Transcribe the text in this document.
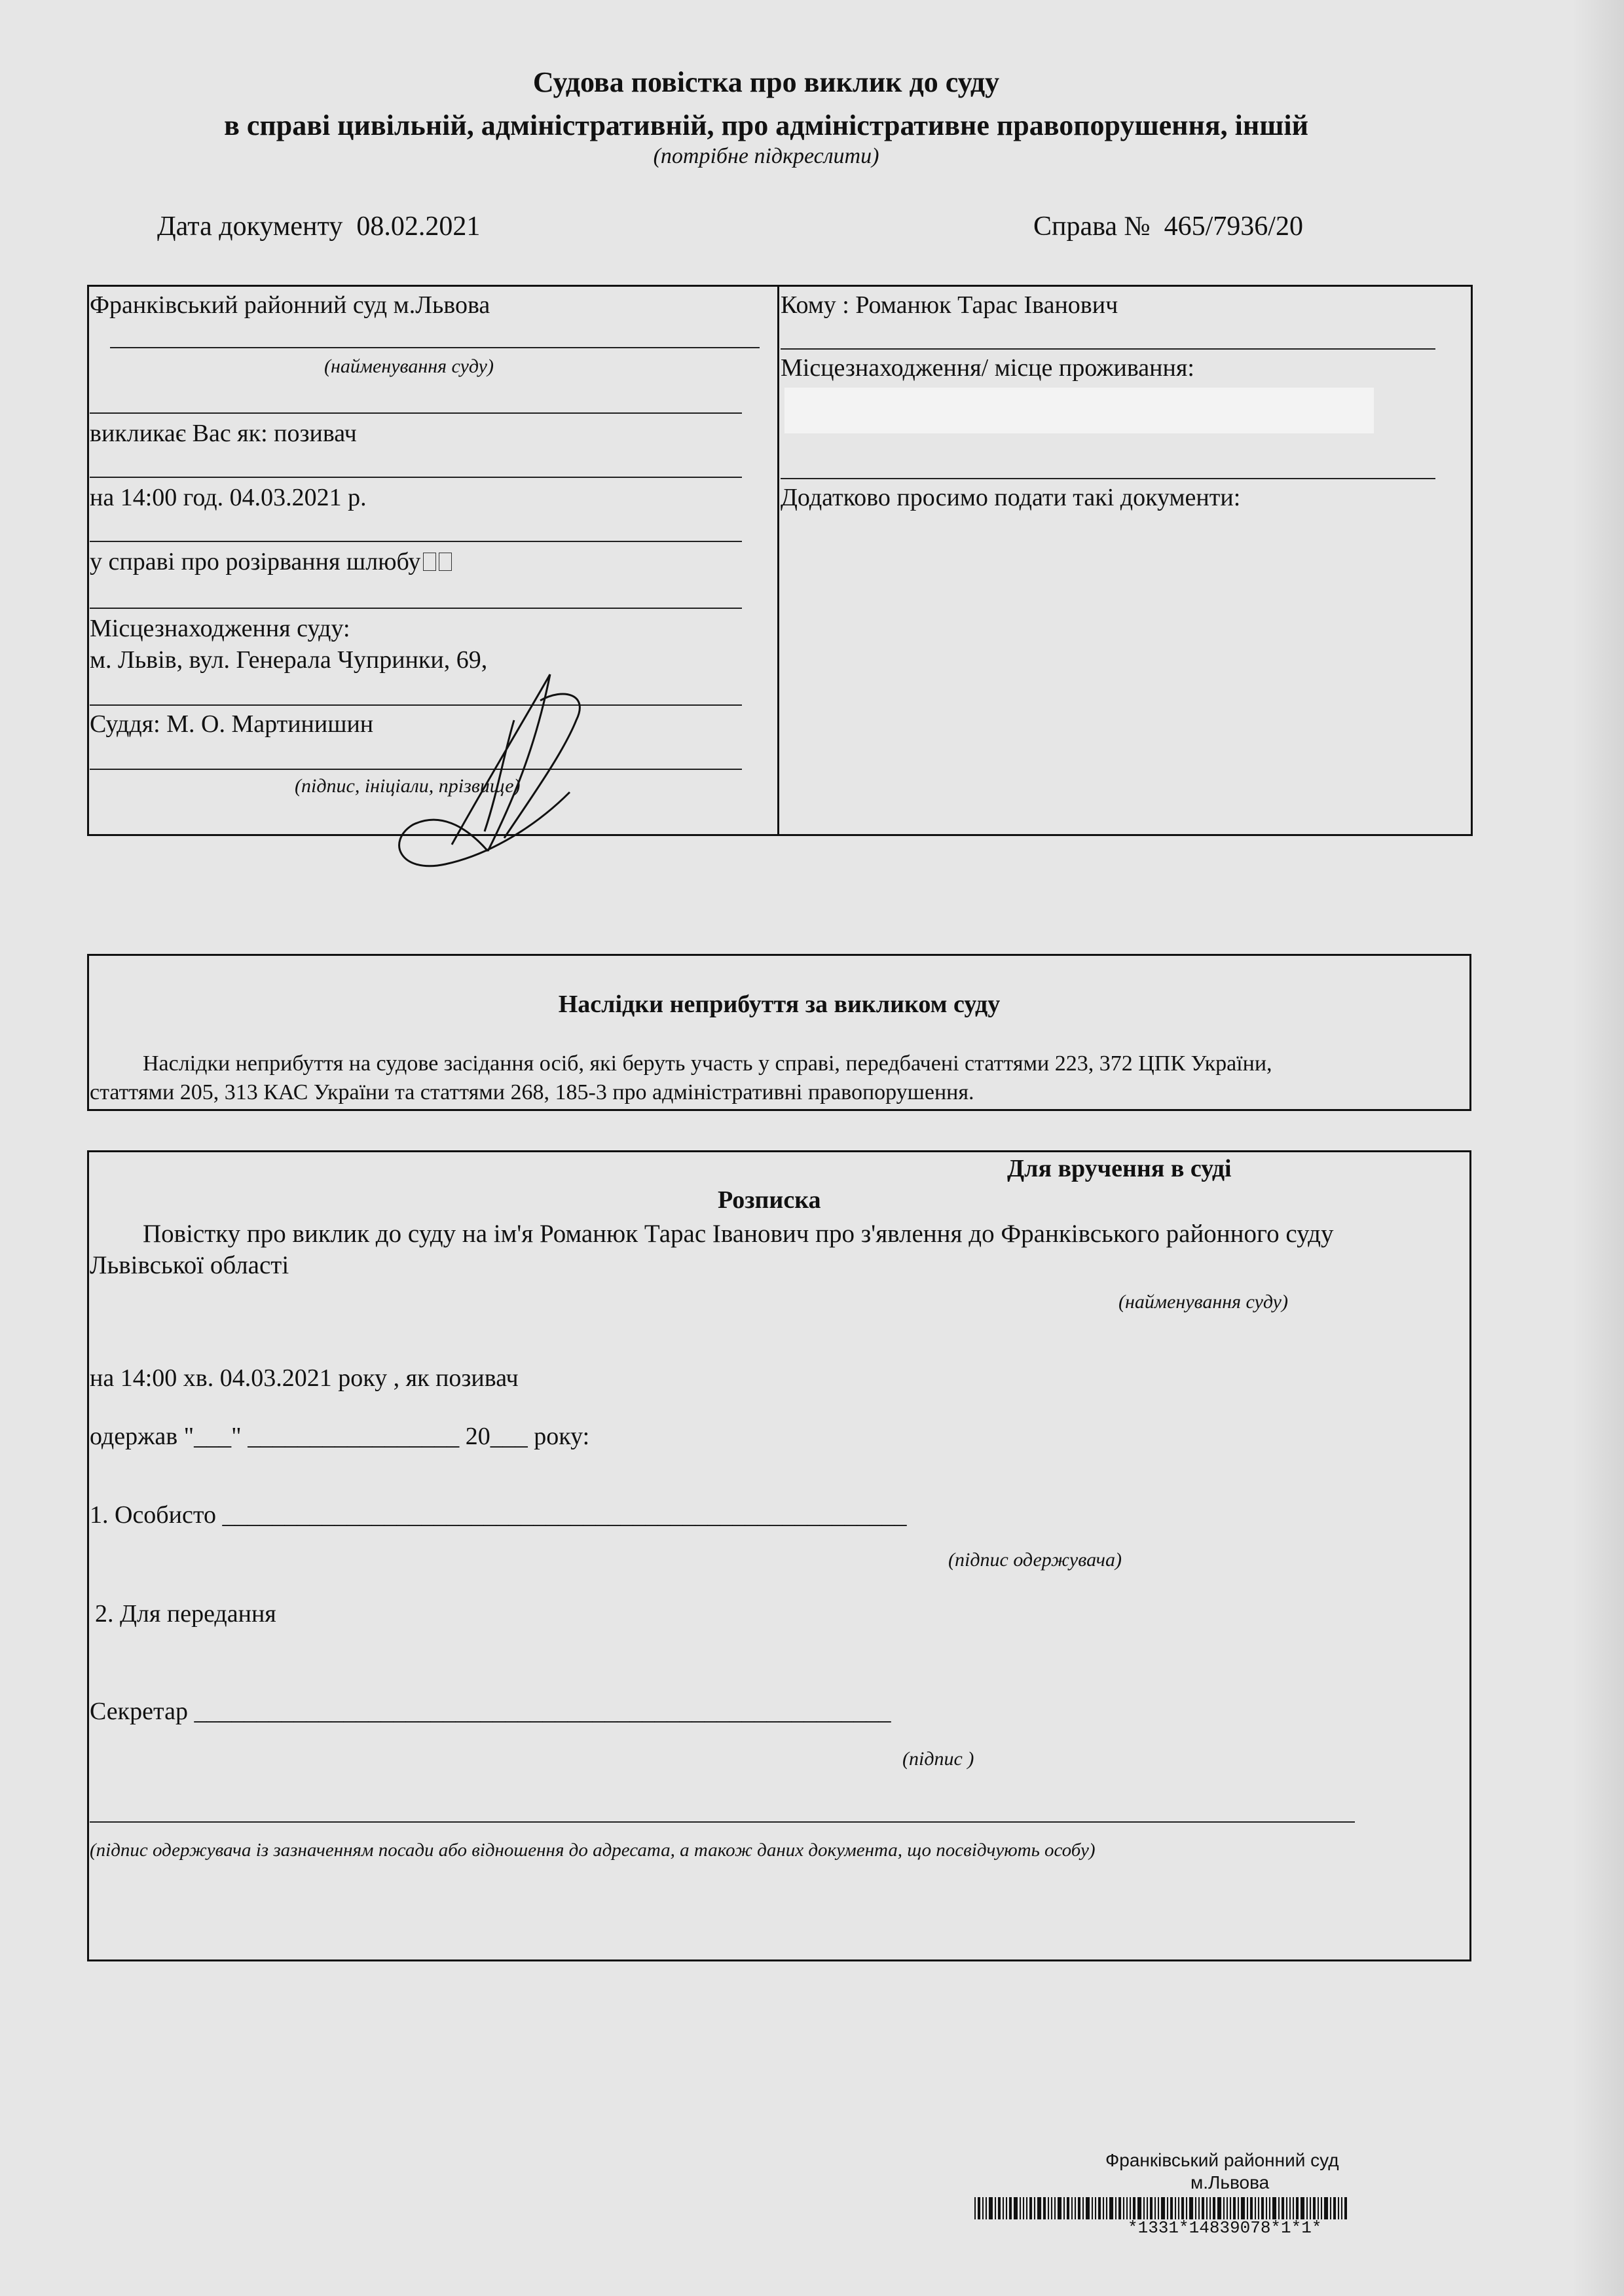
Судова повістка про виклик до суду
в справі цивільній, адміністративній, про адміністративне правопорушення, іншій
(потрібне підкреслити)
Дата документу 08.02.2021	Справа № 465/7936/20
Франківський районний суд м.Львова
(найменування суду)
викликає Вас як: позивач
на 14:00 год. 04.03.2021 р.
у справі про розірвання шлюбу
Місцезнаходження суду:
м. Львів, вул. Генерала Чупринки, 69,
Суддя: М. О. Мартинишин
(підпис, ініціали, прізвище)
Кому : Романюк Тарас Іванович
Місцезнаходження/ місце проживання:
Додатково просимо подати такі документи:
Наслідки неприбуття за викликом суду
Наслідки неприбуття на судове засідання осіб, які беруть участь у справі, передбачені статтями 223, 372 ЦПК України,
статтями 205, 313 КАС України та статтями 268, 185-3 про адміністративні правопорушення.
Для вручення в суді
Розписка
Повістку про виклик до суду на ім'я Романюк Тарас Іванович про з'явлення до Франківського районного суду
Львівської області
(найменування суду)
на 14:00 хв. 04.03.2021 року , як позивач
одержав "___" _________________ 20___ року:
1. Особисто _______________________________________________________
(підпис одержувача)
2. Для передання
Секретар ________________________________________________________
(підпис )
(підпис одержувача із зазначенням посади або відношення до адресата, а також даних документа, що посвідчують особу)
Франківський районний суд
м.Львова
*1331*14839078*1*1*
